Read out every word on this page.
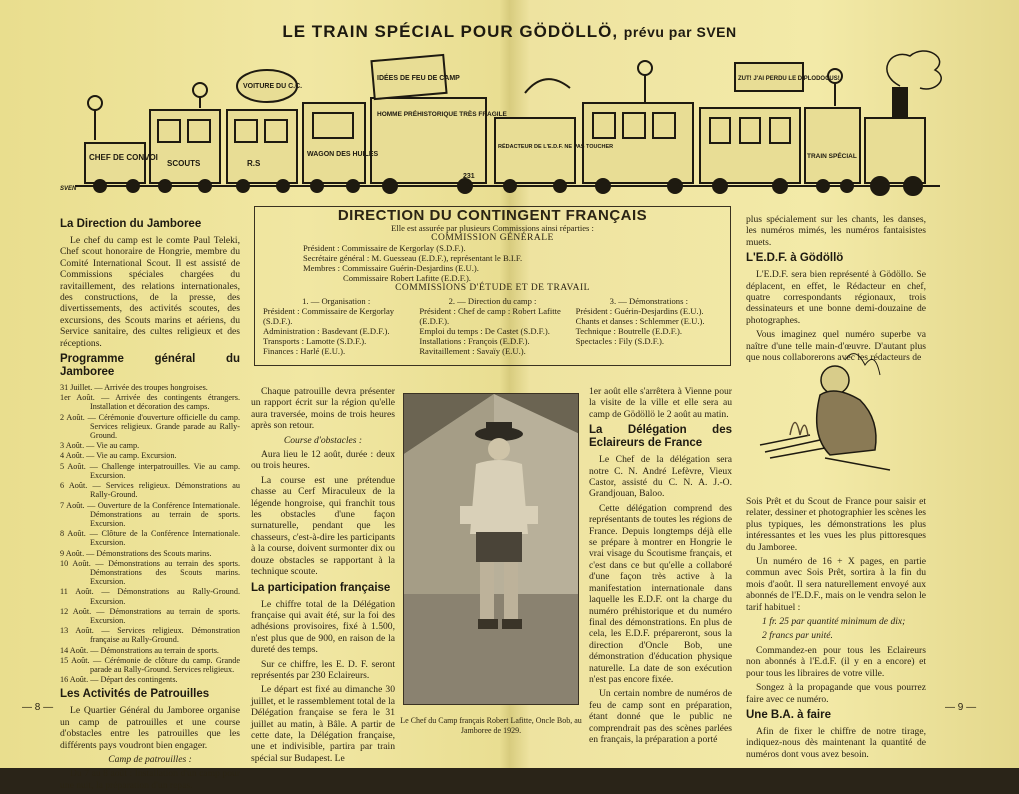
LE TRAIN SPÉCIAL POUR GÖDÖLLÖ, prévu par SVEN
CHEF DE CONVOI
SCOUTS	R.S
WAGON DES HUILES
VOITURE DU C.C.
IDÉES DE FEU DE CAMP
HOMME PRÉHISTORIQUE TRÈS FRAGILE
231
RÉDACTEUR DE L'E.D.F. NE PAS TOUCHER
ZUT! J'AI PERDU LE DIPLODOCUS!
TRAIN SPÉCIAL
SVEN
La Direction du Jamboree

Le chef du camp est le comte Paul Teleki, Chef scout honoraire de Hongrie, membre du Comité International Scout. Il est assisté de Commissions spéciales chargées du ravitaillement, des relations internationales, des constructions, de la presse, des divertissements, des activités scoutes, des excursions, des Scouts marins et aériens, du Service sanitaire, des cultes religieux et des réceptions.

Programme général du Jamboree
31 Juillet. — Arrivée des troupes hongroises.
1er Août. — Arrivée des contingents étrangers. Installation et décoration des camps.
2 Août. — Cérémonie d'ouverture officielle du camp. Services religieux. Grande parade au Rally-Ground.
3 Août. — Vie au camp.
4 Août. — Vie au camp. Excursion.
5 Août. — Challenge interpatrouilles. Vie au camp. Excursion.
6 Août. — Services religieux. Démonstrations au Rally-Ground.
7 Août. — Ouverture de la Conférence Internationale. Démonstrations au terrain de sports. Excursion.
8 Août. — Clôture de la Conférence Internationale. Excursion.
9 Août. — Démonstrations des Scouts marins.
10 Août. — Démonstrations au terrain des sports. Démonstrations des Scouts marins. Excursion.
11 Août. — Démonstrations au Rally-Ground. Excursion.
12 Août. — Démonstrations au terrain de sports. Excursion.
13 Août. — Services religieux. Démonstration française au Rally-Ground.
14 Août. — Démonstrations au terrain de sports.
15 Août. — Cérémonie de clôture du camp. Grande parade au Rally-Ground. Services religieux.
16 Août. — Départ des contingents.
Les Activités de Patrouilles

Le Quartier Général du Jamboree organise un camp de patrouilles et une course d'obstacles entre les patrouilles que les différents pays voudront bien engager.

Camp de patrouilles :

Du 7 au 8 août : Installation d'un camp pour une nuit, la préparation d'un repas.

— 8 —
DIRECTION DU CONTINGENT FRANÇAIS
Elle est assurée par plusieurs Commissions ainsi réparties :
COMMISSION GÉNÉRALE
Président : Commissaire de Kergorlay (S.D.F.).
Secrétaire général : M. Guesseau (E.D.F.), représentant le B.I.F.
Membres : Commissaire Guérin-Desjardins (E.U.).
Commissaire Robert Lafitte (E.D.F.).
COMMISSIONS D'ÉTUDE ET DE TRAVAIL
1. — Organisation :
Président : Commissaire de Kergorlay (S.D.F.).
Administration : Basdevant (E.D.F.).
Transports : Lamotte (S.D.F.).
Finances : Harlé (E.U.).
2. — Direction du camp :
Président : Chef de camp : Robert Lafitte (E.D.F.).
Emploi du temps : De Castet (S.D.F.).
Installations : François (E.D.F.).
Ravitaillement : Savaïy (E.U.).
3. — Démonstrations :
Président : Guérin-Desjardins (E.U.).
Chants et danses : Schlemmer (E.U.).
Technique : Boutrelle (E.D.F.).
Spectacles : Fily (S.D.F.).

Chaque patrouille devra présenter un rapport écrit sur la région qu'elle aura traversée, moins de trois heures après son retour.

Course d'obstacles :

Aura lieu le 12 août, durée : deux ou trois heures.

La course est une prétendue chasse au Cerf Miraculeux de la légende hongroise, qui franchit tous les obstacles d'une façon surnaturelle, pendant que les chasseurs, c'est-à-dire les participants à la course, doivent surmonter dix ou douze obstacles se rapportant à la technique scoute.

La participation française

Le chiffre total de la Délégation française qui avait été, sur la foi des adhésions provisoires, fixé à 1.500, n'est plus que de 900, en raison de la dureté des temps.

Sur ce chiffre, les E. D. F. seront représentés par 230 Eclaireurs.

Le départ est fixé au dimanche 30 juillet, et le rassemblement total de la Délégation française se fera le 31 juillet au matin, à Bâle. A partir de cette date, la Délégation française, une et indivisible, partira par train spécial sur Budapest. Le

Le Chef du Camp français Robert Lafitte, Oncle Bob, au Jamboree de 1929.

1er août elle s'arrêtera à Vienne pour la visite de la ville et elle sera au camp de Gödöllö le 2 août au matin.

La Délégation des Eclaireurs de France

Le Chef de la délégation sera notre C. N. André Lefèvre, Vieux Castor, assisté du C. N. A. J.-O. Grandjouan, Baloo.

Cette délégation comprend des représentants de toutes les régions de France. Depuis longtemps déjà elle se prépare à montrer en Hongrie le vrai visage du Scoutisme français, et c'est dans ce but qu'elle a collaboré d'une façon très active à la manifestation internationale dans laquelle les E.D.F. ont la charge du numéro préhistorique et du numéro final des démonstrations. En plus de cela, les E.D.F. prépareront, sous la direction d'Oncle Bob, une démonstration d'éducation physique naturelle. La date de son exécution n'est pas encore fixée.

Un certain nombre de numéros de feu de camp sont en préparation, étant donné que le public ne comprendrait pas des scènes parlées en français, la préparation a porté

plus spécialement sur les chants, les danses, les numéros mimés, les numéros fantaisistes muets.

L'E.D.F. à Gödöllö

L'E.D.F. sera bien représenté à Gödöllo. Se déplacent, en effet, le Rédacteur en chef, quatre correspondants régionaux, trois dessinateurs et une bonne demi-douzaine de photographes.

Vous imaginez quel numéro superbe va naître d'une telle main-d'œuvre. D'autant plus que nous collaborerons avec les rédacteurs de

Sois Prêt et du Scout de France pour saisir et relater, dessiner et photographier les scènes les plus typiques, les démonstrations les plus intéressantes et les vues les plus pittoresques du Jamboree.

Un numéro de 16 + X pages, en partie commun avec Sois Prêt, sortira à la fin du mois d'août. Il sera naturellement envoyé aux abonnés de l'E.D.F., mais on le vendra selon le tarif habituel :

1 fr. 25 par quantité minimum de dix;

2 francs par unité.

Commandez-en pour tous les Eclaireurs non abonnés à l'E.d.F. (il y en a encore) et pour tous les libraires de votre ville.

Songez à la propagande que vous pourrez faire avec ce numéro.

Une B.A. à faire

Afin de fixer le chiffre de notre tirage, indiquez-nous dès maintenant la quantité de numéros dont vous avez besoin.

— 9 —
